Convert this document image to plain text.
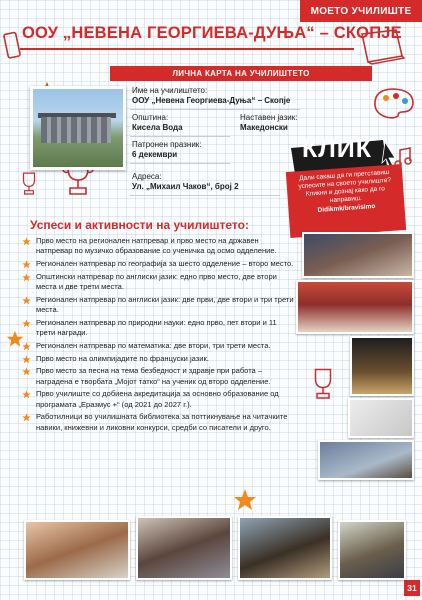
МОЕТО УЧИЛИШТЕ
ООУ „НЕВЕНА ГЕОРГИЕВА-ДУЊА“ – СКОПЈЕ
ЛИЧНА КАРТА НА УЧИЛИШТЕТО
Име на училиштето:
ООУ „Невена Георгиева-Дуња“ – Скопје
Општина:
Кисела Вода
Наставен јазик:
Македонски
Патронен празник:
6 декември
Адреса:
Ул. „Михаил Чаков“, број 2
КЛИК
Дали сакаш да ги претставиш успесите на своето училиште? Кликни и дознај како да го направиш.
Didikmk/bravisimo
Успеси и активности на училиштето:
Прво место на регионален натпревар и прво место на државен натпревар по музичко образование со ученичка од осмо одделение.
Регионален натпревар по географија за шесто одделение – второ место.
Општински натпревар по англиски јазик: едно прво место, две втори места и две трети места.
Регионален натпревар по англиски јазик: две први, две втори и три трети места.
Регионален натпревар по природни науки: едно прво, пет втори и 11 трети награди.
Регионален натпревар по математика: две втори, три трети места.
Прво место на олимпијадите по француски јазик.
Прво место за песна на тема безбедност и здравје при работа – наградена е творбата „Мојот татко“ на ученик од второ одделение.
Прво училиште со добиена акредитација за основно образование од програмата „Еразмус +“ (од 2021 до 2027 г.).
Работилници во училишната библиотека за поттикнување на читачките навики, книжевни и ликовни конкурси, средби со писатели и друго.
31
